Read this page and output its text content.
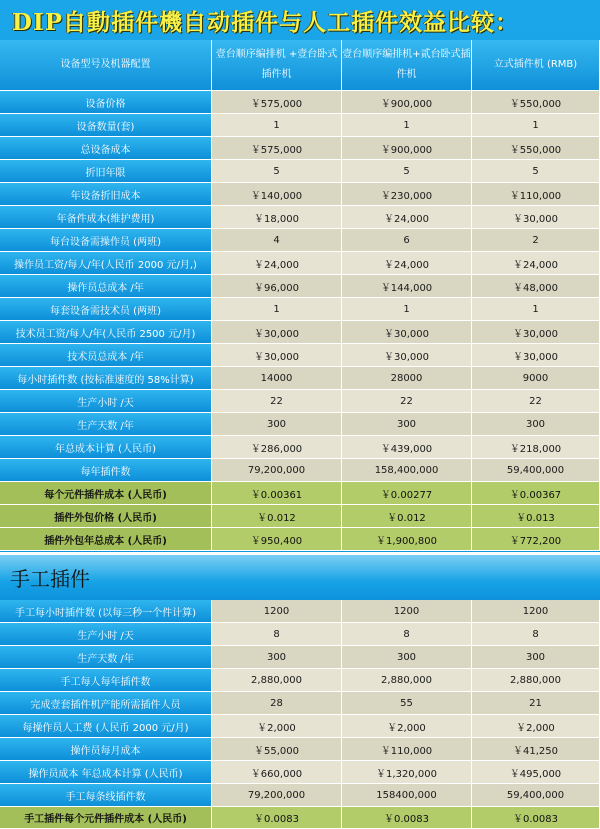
DIP自動插件機自动插件与人工插件效益比较：
设备型号及机器配置	壹台顺序编排机 +壹台卧式插件机	壹台顺序编排机+贰台卧式插件机	立式插件机 (RMB)
设备价格	￥575,000	￥900,000	￥550,000
设备数量(套)	1	1	1
总设备成本	￥575,000	￥900,000	￥550,000
折旧年限	5	5	5
年设备折旧成本	￥140,000	￥230,000	￥110,000
年备件成本(维护费用)	￥18,000	￥24,000	￥30,000
每台设备需操作员 (两班)	4	6	2
操作员工资/每人/年(人民币 2000 元/月,)	￥24,000	￥24,000	￥24,000
操作员总成本 /年	￥96,000	￥144,000	￥48,000
每套设备需技术员 (两班)	1	1	1
技术员工资/每人/年(人民币 2500 元/月)	￥30,000	￥30,000	￥30,000
技术员总成本 /年	￥30,000	￥30,000	￥30,000
每小时插件数 (按标准速度的 58%计算)	14000	28000	9000
生产小时 /天	22	22	22
生产天数 /年	300	300	300
年总成本计算 (人民币)	￥286,000	￥439,000	￥218,000
每年插件数	79,200,000	158,400,000	59,400,000
每个元件插件成本 (人民币)	￥0.00361	￥0.00277	￥0.00367
插件外包价格 (人民币)	￥0.012	￥0.012	￥0.013
插件外包年总成本 (人民币)	￥950,400	￥1,900,800	￥772,200
手工插件
手工每小时插件数 (以每三秒一个件计算)	1200	1200	1200
生产小时 /天	8	8	8
生产天数 /年	300	300	300
手工每人每年插件数	2,880,000	2,880,000	2,880,000
完成壹套插件机产能所需插件人员	28	55	21
每操作员人工费 (人民币 2000 元/月)	￥2,000	￥2,000	￥2,000
操作员每月成本	￥55,000	￥110,000	￥41,250
操作员成本 年总成本计算 (人民币)	￥660,000	￥1,320,000	￥495,000
手工每条线插件数	79,200,000	158400,000	59,400,000
手工插件每个元件插件成本 (人民币)	￥0.0083	￥0.0083	￥0.0083
